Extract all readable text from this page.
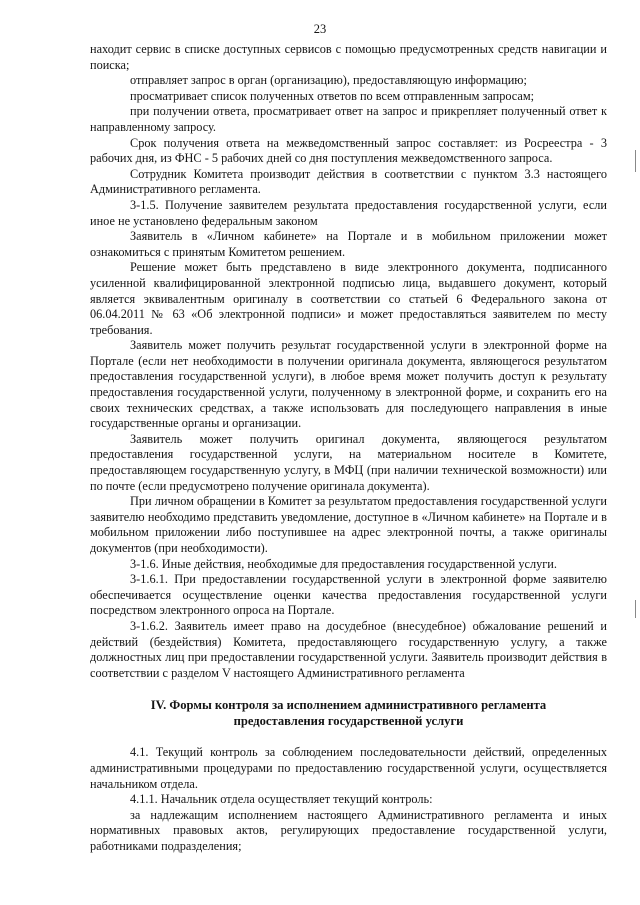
23

находит сервис в списке доступных сервисов с помощью предусмотренных средств навигации и поиска;

отправляет запрос в орган (организацию), предоставляющую информацию;

просматривает список полученных ответов по всем отправленным запросам;

при получении ответа, просматривает ответ на запрос и прикрепляет полученный ответ к направленному запросу.

Срок получения ответа на межведомственный запрос составляет: из Росреестра - 3 рабочих дня, из ФНС - 5 рабочих дней со дня поступления межведомственного запроса.

Сотрудник Комитета производит действия в соответствии с пунктом 3.3 настоящего Административного регламента.

3-1.5. Получение заявителем результата предоставления государственной услуги, если иное не установлено федеральным законом

Заявитель в «Личном кабинете» на Портале и в мобильном приложении может ознакомиться с принятым Комитетом решением.

Решение может быть представлено в виде электронного документа, подписанного усиленной квалифицированной электронной подписью лица, выдавшего документ, который является эквивалентным оригиналу в соответствии со статьей 6 Федерального закона от 06.04.2011 № 63 «Об электронной подписи» и может предоставляться заявителем по месту требования.

Заявитель может получить результат государственной услуги в электронной форме на Портале (если нет необходимости в получении оригинала документа, являющегося результатом предоставления государственной услуги), в любое время может получить доступ к результату предоставления государственной услуги, полученному в электронной форме, и сохранить его на своих технических средствах, а также использовать для последующего направления в иные государственные органы и организации.

Заявитель может получить оригинал документа, являющегося результатом предоставления государственной услуги, на материальном носителе в Комитете, предоставляющем государственную услугу, в МФЦ (при наличии технической возможности) или по почте (если предусмотрено получение оригинала документа).

При личном обращении в Комитет за результатом предоставления государственной услуги заявителю необходимо представить уведомление, доступное в «Личном кабинете» на Портале и в мобильном приложении либо поступившее на адрес электронной почты, а также оригиналы документов (при необходимости).

3-1.6. Иные действия, необходимые для предоставления государственной услуги.

3-1.6.1. При предоставлении государственной услуги в электронной форме заявителю обеспечивается осуществление оценки качества предоставления государственной услуги посредством электронного опроса на Портале.

3-1.6.2. Заявитель имеет право на досудебное (внесудебное) обжалование решений и действий (бездействия) Комитета, предоставляющего государственную услугу, а также должностных лиц при предоставлении государственной услуги. Заявитель производит действия в соответствии с разделом V настоящего Административного регламента

IV. Формы контроля за исполнением административного регламента предоставления государственной услуги

4.1. Текущий контроль за соблюдением последовательности действий, определенных административными процедурами по предоставлению государственной услуги, осуществляется начальником отдела.

4.1.1. Начальник отдела осуществляет текущий контроль:

за надлежащим исполнением настоящего Административного регламента и иных нормативных правовых актов, регулирующих предоставление государственной услуги, работниками подразделения;
